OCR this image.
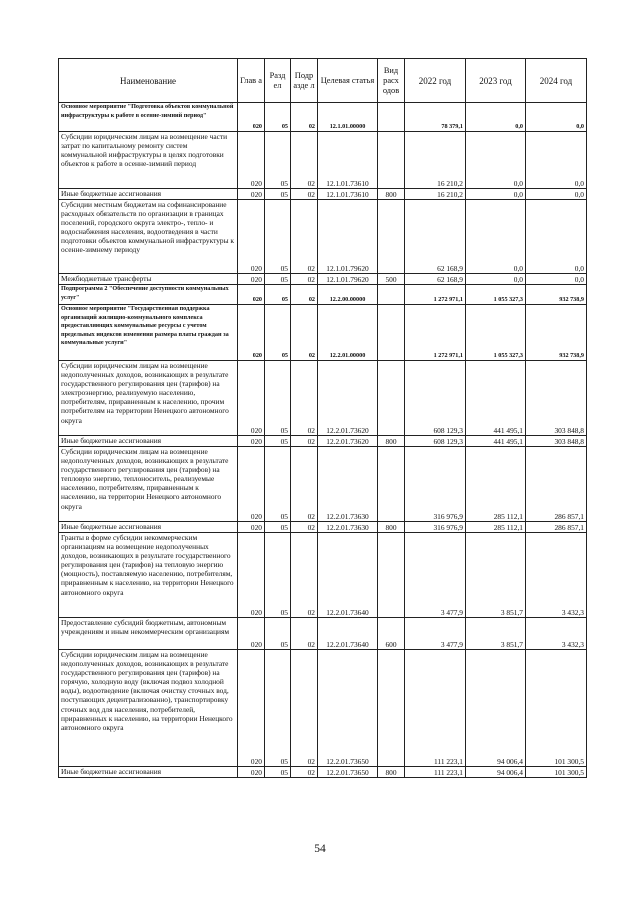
Наименование	Глав а	Разд ел	Подр азде л	Целевая статья	Вид расх одов	2022 год	2023 год	2024 год
Основное мероприятие "Подготовка объектов коммунальной инфраструктуры к работе в осенне-зимний период"	020	05	02	12.1.01.00000		78 379,1	0,0	0,0
Субсидии юридическим лицам на возмещение части затрат по капитальному ремонту систем коммунальной инфраструктуры в целях подготовки объектов к работе в осенне-зимний период	020	05	02	12.1.01.73610		16 210,2	0,0	0,0
Иные бюджетные ассигнования	020	05	02	12.1.01.73610	800	16 210,2	0,0	0,0
Субсидии местным бюджетам на софинансирование расходных обязательств по организации в границах поселений, городского округа электро-, тепло- и водоснабжения населения, водоотведения в части подготовки объектов коммунальной инфраструктуры к осенне-зимнему периоду	020	05	02	12.1.01.79620		62 168,9	0,0	0,0
Межбюджетные трансферты	020	05	02	12.1.01.79620	500	62 168,9	0,0	0,0
Подпрограмма 2 "Обеспечение доступности коммунальных услуг"	020	05	02	12.2.00.00000		1 272 971,1	1 055 327,3	932 738,9
Основное мероприятие "Государственная поддержка организаций жилищно-коммунального комплекса предоставляющих коммунальные ресурсы с учетом предельных индексов изменения размера платы граждан за коммунальные услуги"	020	05	02	12.2.01.00000		1 272 971,1	1 055 327,3	932 738,9
Субсидии юридическим лицам на возмещение недополученных доходов, возникающих в результате государственного регулирования цен (тарифов) на электроэнергию, реализуемую населению, потребителям, приравненным к населению, прочим потребителям на территории Ненецкого автономного округа	020	05	02	12.2.01.73620		608 129,3	441 495,1	303 848,8
Иные бюджетные ассигнования	020	05	02	12.2.01.73620	800	608 129,3	441 495,1	303 848,8
Субсидии юридическим лицам на возмещение недополученных доходов, возникающих в результате государственного регулирования цен (тарифов) на тепловую энергию, теплоноситель, реализуемые населению, потребителям, приравненным к населению, на территории Ненецкого автономного округа	020	05	02	12.2.01.73630		316 976,9	285 112,1	286 857,1
Иные бюджетные ассигнования	020	05	02	12.2.01.73630	800	316 976,9	285 112,1	286 857,1
Гранты в форме субсидии некоммерческим организациям на возмещение недополученных доходов, возникающих в результате государственного регулирования цен (тарифов) на тепловую энергию (мощность), поставляемую населению, потребителям, приравненным к населению, на территории Ненецкого автономного округа	020	05	02	12.2.01.73640		3 477,9	3 851,7	3 432,3
Предоставление субсидий бюджетным, автономным учреждениям и иным некоммерческим организациям	020	05	02	12.2.01.73640	600	3 477,9	3 851,7	3 432,3
Субсидии юридическим лицам на возмещение недополученных доходов, возникающих в результате государственного регулирования цен (тарифов) на горячую, холодную воду (включая подвоз холодной воды), водоотведение (включая очистку сточных вод, поступающих децентрализованно), транспортировку сточных вод для населения, потребителей, приравненных к населению, на территории Ненецкого автономного округа	020	05	02	12.2.01.73650		111 223,1	94 006,4	101 300,5
Иные бюджетные ассигнования	020	05	02	12.2.01.73650	800	111 223,1	94 006,4	101 300,5
54
